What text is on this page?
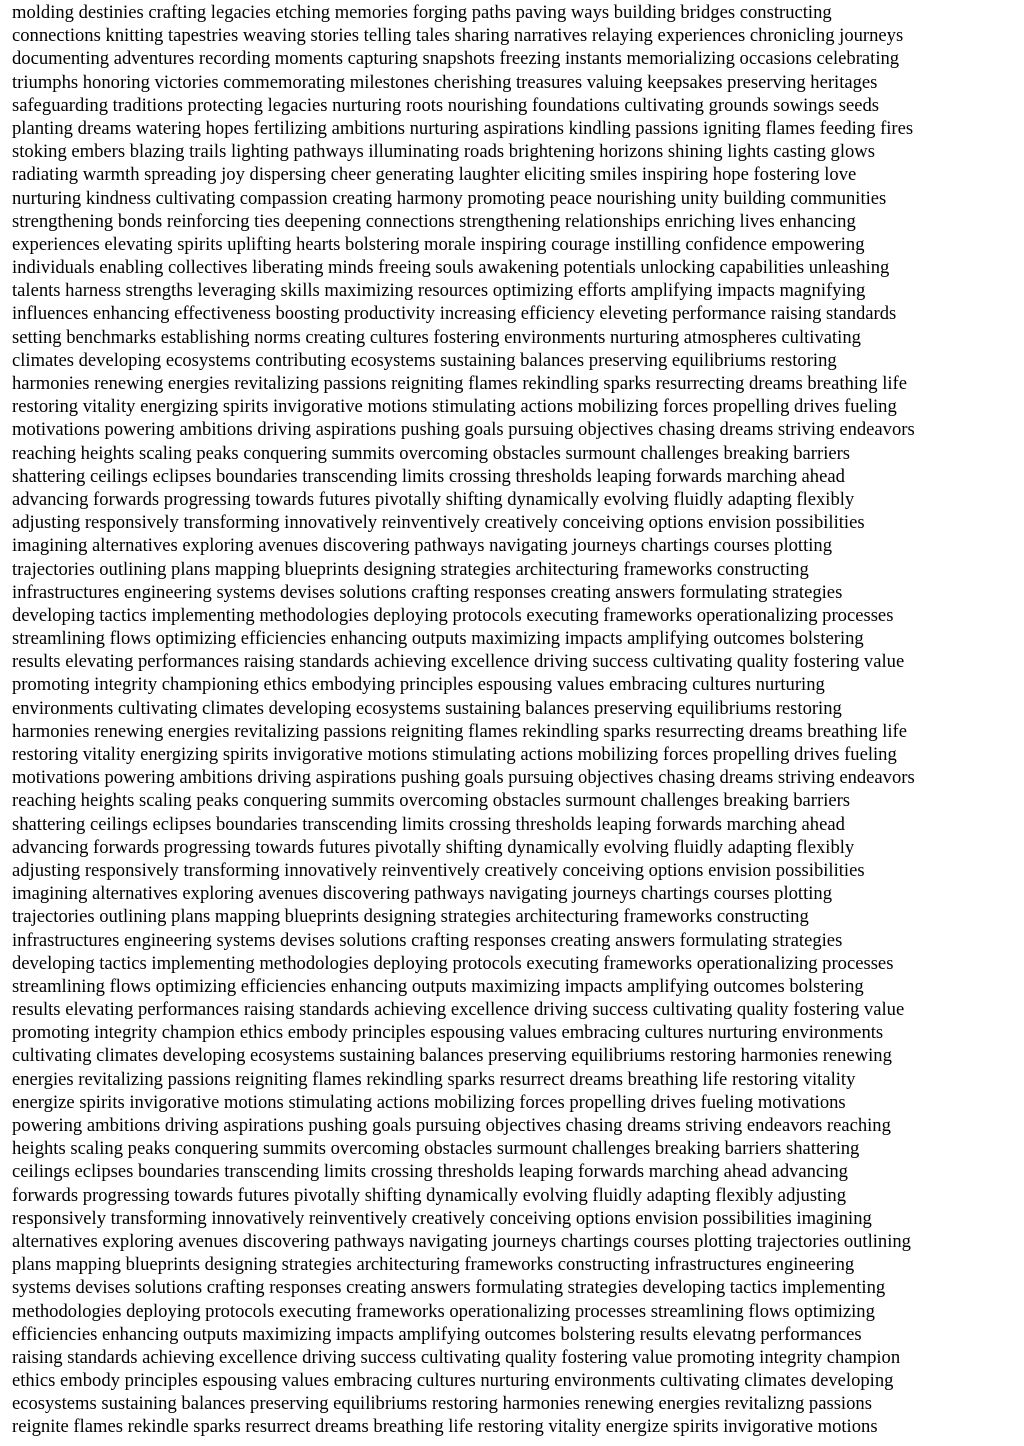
molding destinies crafting legacies etching memories forging paths paving ways building bridges constructing
connections knitting tapestries weaving stories telling tales sharing narratives relaying experiences chronicling journeys
documenting adventures recording moments capturing snapshots freezing instants memorializing occasions celebrating
triumphs honoring victories commemorating milestones cherishing treasures valuing keepsakes preserving heritages
safeguarding traditions protecting legacies nurturing roots nourishing foundations cultivating grounds sowings seeds
planting dreams watering hopes fertilizing ambitions nurturing aspirations kindling passions igniting flames feeding fires
stoking embers blazing trails lighting pathways illuminating roads brightening horizons shining lights casting glows
radiating warmth spreading joy dispersing cheer generating laughter eliciting smiles inspiring hope fostering love
nurturing kindness cultivating compassion creating harmony promoting peace nourishing unity building communities
strengthening bonds reinforcing ties deepening connections strengthening relationships enriching lives enhancing
experiences elevating spirits uplifting hearts bolstering morale inspiring courage instilling confidence empowering
individuals enabling collectives liberating minds freeing souls awakening potentials unlocking capabilities unleashing
talents harness strengths leveraging skills maximizing resources optimizing efforts amplifying impacts magnifying
influences enhancing effectiveness boosting productivity increasing efficiency eleveting performance raising standards
setting benchmarks establishing norms creating cultures fostering environments nurturing atmospheres cultivating
climates developing ecosystems contributing ecosystems sustaining balances preserving equilibriums restoring
harmonies renewing energies revitalizing passions reigniting flames rekindling sparks resurrecting dreams breathing life
restoring vitality energizing spirits invigorative motions stimulating actions mobilizing forces propelling drives fueling
motivations powering ambitions driving aspirations pushing goals pursuing objectives chasing dreams striving endeavors
reaching heights scaling peaks conquering summits overcoming obstacles surmount challenges breaking barriers
shattering ceilings eclipses boundaries transcending limits crossing thresholds leaping forwards marching ahead
advancing forwards progressing towards futures pivotally shifting dynamically evolving fluidly adapting flexibly
adjusting responsively transforming innovatively reinventively creatively conceiving options envision possibilities
imagining alternatives exploring avenues discovering pathways navigating journeys chartings courses plotting
trajectories outlining plans mapping blueprints designing strategies architecturing frameworks constructing
infrastructures engineering systems devises solutions crafting responses creating answers formulating strategies
developing tactics implementing methodologies deploying protocols executing frameworks operationalizing processes
streamlining flows optimizing efficiencies enhancing outputs maximizing impacts amplifying outcomes bolstering
results elevating performances raising standards achieving excellence driving success cultivating quality fostering value
promoting integrity championing ethics embodying principles espousing values embracing cultures nurturing
environments cultivating climates developing ecosystems sustaining balances preserving equilibriums restoring
harmonies renewing energies revitalizing passions reigniting flames rekindling sparks resurrecting dreams breathing life
restoring vitality energizing spirits invigorative motions stimulating actions mobilizing forces propelling drives fueling
motivations powering ambitions driving aspirations pushing goals pursuing objectives chasing dreams striving endeavors
reaching heights scaling peaks conquering summits overcoming obstacles surmount challenges breaking barriers
shattering ceilings eclipses boundaries transcending limits crossing thresholds leaping forwards marching ahead
advancing forwards progressing towards futures pivotally shifting dynamically evolving fluidly adapting flexibly
adjusting responsively transforming innovatively reinventively creatively conceiving options envision possibilities
imagining alternatives exploring avenues discovering pathways navigating journeys chartings courses plotting
trajectories outlining plans mapping blueprints designing strategies architecturing frameworks constructing
infrastructures engineering systems devises solutions crafting responses creating answers formulating strategies
developing tactics implementing methodologies deploying protocols executing frameworks operationalizing processes
streamlining flows optimizing efficiencies enhancing outputs maximizing impacts amplifying outcomes bolstering
results elevating performances raising standards achieving excellence driving success cultivating quality fostering value
promoting integrity champion ethics embody principles espousing values embracing cultures nurturing environments
cultivating climates developing ecosystems sustaining balances preserving equilibriums restoring harmonies renewing
energies revitalizing passions reigniting flames rekindling sparks resurrect dreams breathing life restoring vitality
energize spirits invigorative motions stimulating actions mobilizing forces propelling drives fueling motivations
powering ambitions driving aspirations pushing goals pursuing objectives chasing dreams striving endeavors reaching
heights scaling peaks conquering summits overcoming obstacles surmount challenges breaking barriers shattering
ceilings eclipses boundaries transcending limits crossing thresholds leaping forwards marching ahead advancing
forwards progressing towards futures pivotally shifting dynamically evolving fluidly adapting flexibly adjusting
responsively transforming innovatively reinventively creatively conceiving options envision possibilities imagining
alternatives exploring avenues discovering pathways navigating journeys chartings courses plotting trajectories outlining
plans mapping blueprints designing strategies architecturing frameworks constructing infrastructures engineering
systems devises solutions crafting responses creating answers formulating strategies developing tactics implementing
methodologies deploying protocols executing frameworks operationalizing processes streamlining flows optimizing
efficiencies enhancing outputs maximizing impacts amplifying outcomes bolstering results elevatng performances
raising standards achieving excellence driving success cultivating quality fostering value promoting integrity champion
ethics embody principles espousing values embracing cultures nurturing environments cultivating climates developing
ecosystems sustaining balances preserving equilibriums restoring harmonies renewing energies revitalizng passions
reignite flames rekindle sparks resurrect dreams breathing life restoring vitality energize spirits invigorative motions
